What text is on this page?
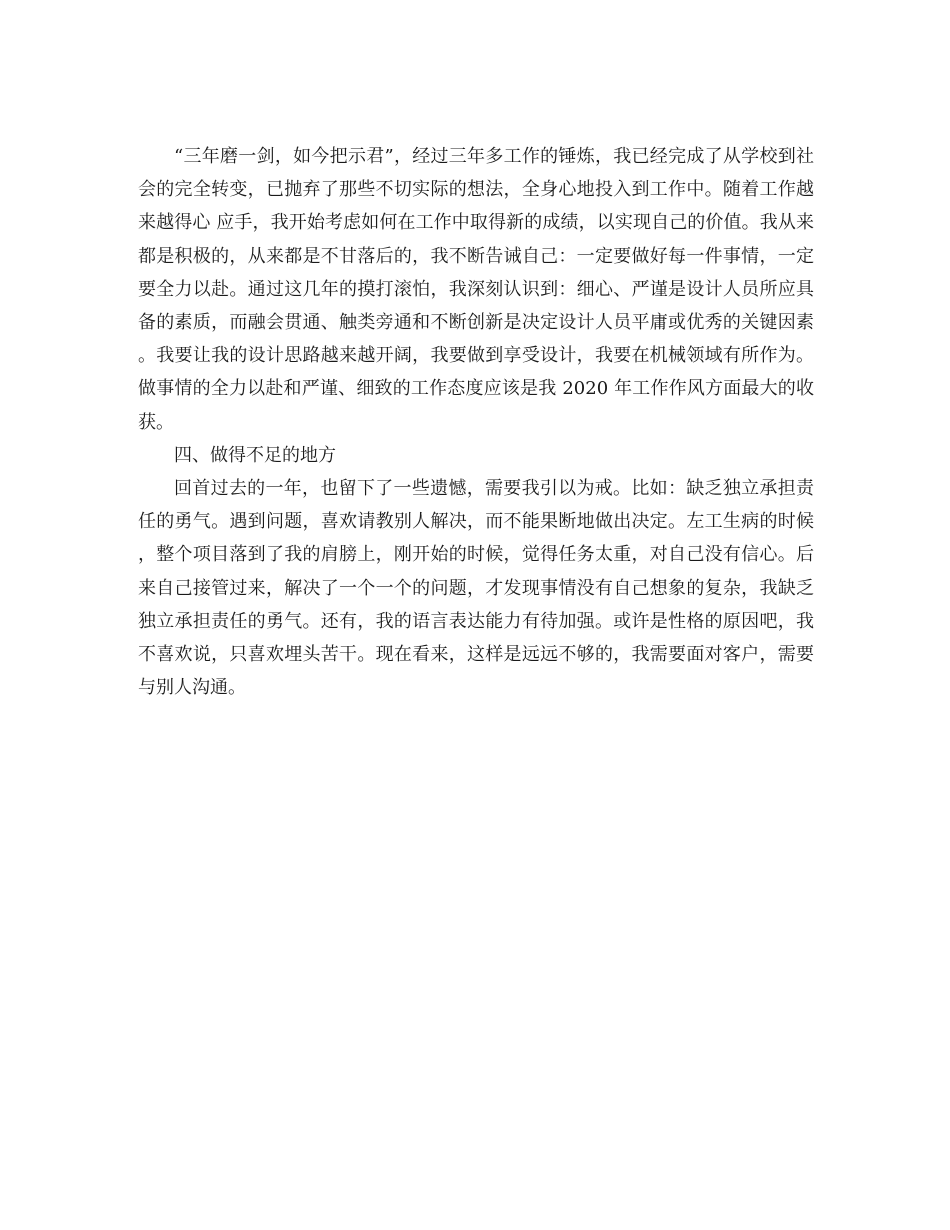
“三年磨一剑，如今把示君”，经过三年多工作的锤炼，我已经完成了从学校到社会的完全转变，已抛弃了那些不切实际的想法，全身心地投入到工作中。随着工作越来越得心 应手，我开始考虑如何在工作中取得新的成绩，以实现自己的价值。我从来都是积极的，从来都是不甘落后的，我不断告诫自己：一定要做好每一件事情，一定要全力以赴。通过这几年的摸打滚怕，我深刻认识到：细心、严谨是设计人员所应具备的素质，而融会贯通、触类旁通和不断创新是决定设计人员平庸或优秀的关键因素。我要让我的设计思路越来越开阔，我要做到享受设计，我要在机械领域有所作为。做事情的全力以赴和严谨、细致的工作态度应该是我 2020 年工作作风方面最大的收获。

四、做得不足的地方

回首过去的一年，也留下了一些遗憾，需要我引以为戒。比如：缺乏独立承担责任的勇气。遇到问题，喜欢请教别人解决，而不能果断地做出决定。左工生病的时候，整个项目落到了我的肩膀上，刚开始的时候，觉得任务太重，对自己没有信心。后来自己接管过来，解决了一个一个的问题，才发现事情没有自己想象的复杂，我缺乏独立承担责任的勇气。还有，我的语言表达能力有待加强。或许是性格的原因吧，我不喜欢说，只喜欢埋头苦干。现在看来，这样是远远不够的，我需要面对客户，需要与别人沟通。
